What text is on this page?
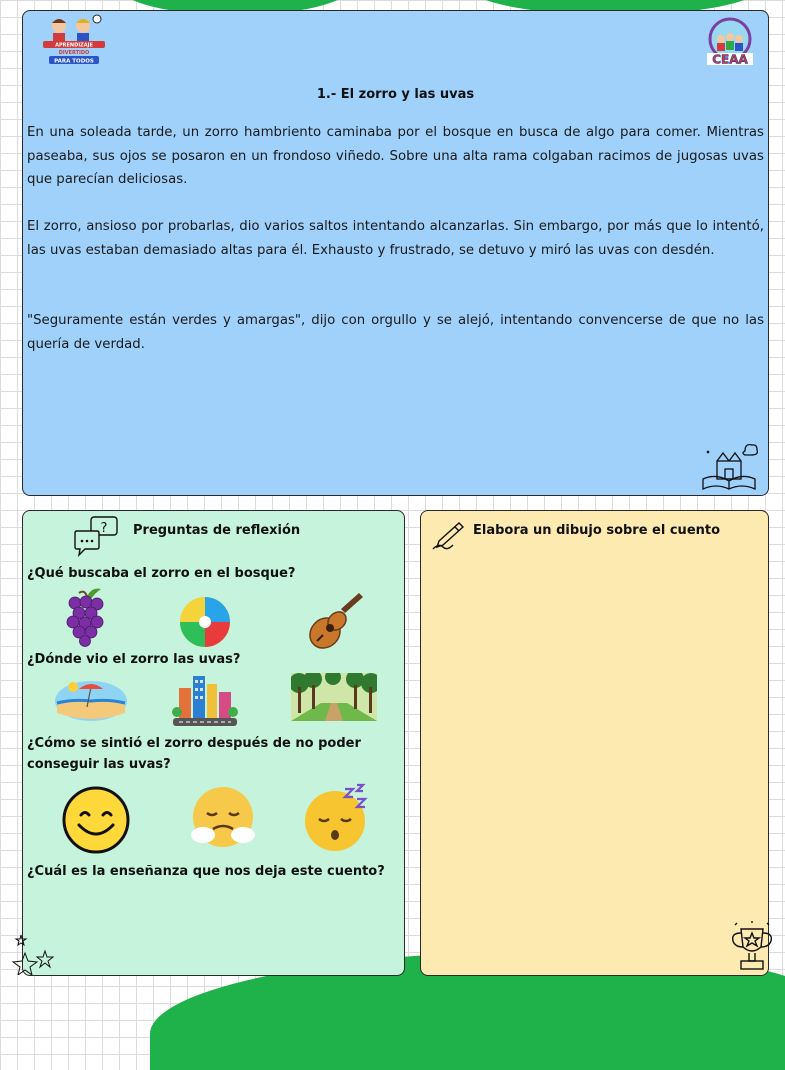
APRENDIZAJE
DIVERTIDO
PARA TODOS	CEAA
1.- El zorro y las uvas

En una soleada tarde, un zorro hambriento caminaba por el bosque en busca de algo para comer. Mientras paseaba, sus ojos se posaron en un frondoso viñedo. Sobre una alta rama colgaban racimos de jugosas uvas que parecían deliciosas.

El zorro, ansioso por probarlas, dio varios saltos intentando alcanzarlas. Sin embargo, por más que lo intentó, las uvas estaban demasiado altas para él. Exhausto y frustrado, se detuvo y miró las uvas con desdén.

"Seguramente están verdes y amargas", dijo con orgullo y se alejó, intentando convencerse de que no las quería de verdad.

? Preguntas de reflexión
¿Qué buscaba el zorro en el bosque?
¿Dónde vio el zorro las uvas?
¿Cómo se sintió el zorro después de no poder conseguir las uvas?
¿Cuál es la enseñanza que nos deja este cuento?
Elabora un dibujo sobre el cuento
